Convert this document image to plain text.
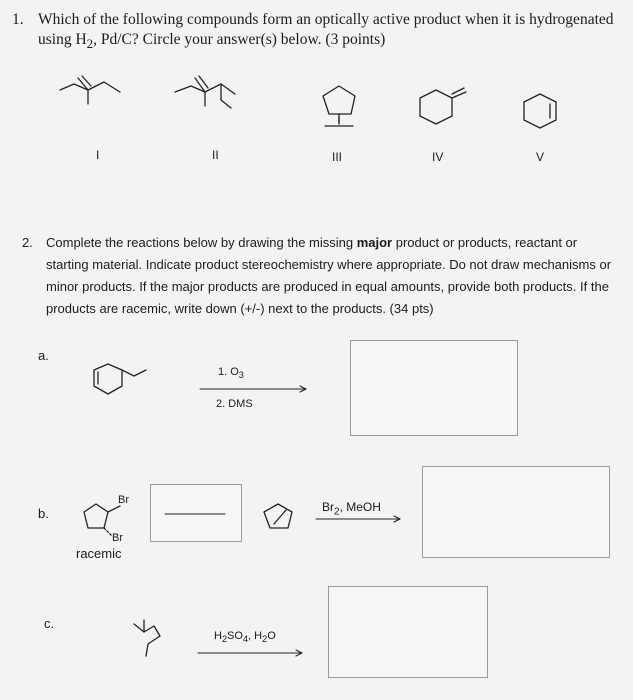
1. Which of the following compounds form an optically active product when it is hydrogenated
using $H_2$, Pd/C? Circle your answer(s) below. (3 points)
I	II	III	IV	V
2. Complete the reactions below by drawing the missing major product or products, reactant or starting material. Indicate product stereochemistry where appropriate. Do not draw mechanisms or minor products. If the major products are produced in equal amounts, provide both products. If the products are racemic, write down (+/-) next to the products. (34 pts)
a.
1. $O_3$
2. DMS
b.
Br
Br
racemic
$Br_2$, MeOH
c.
$H_2SO_4$, $H_2O$
